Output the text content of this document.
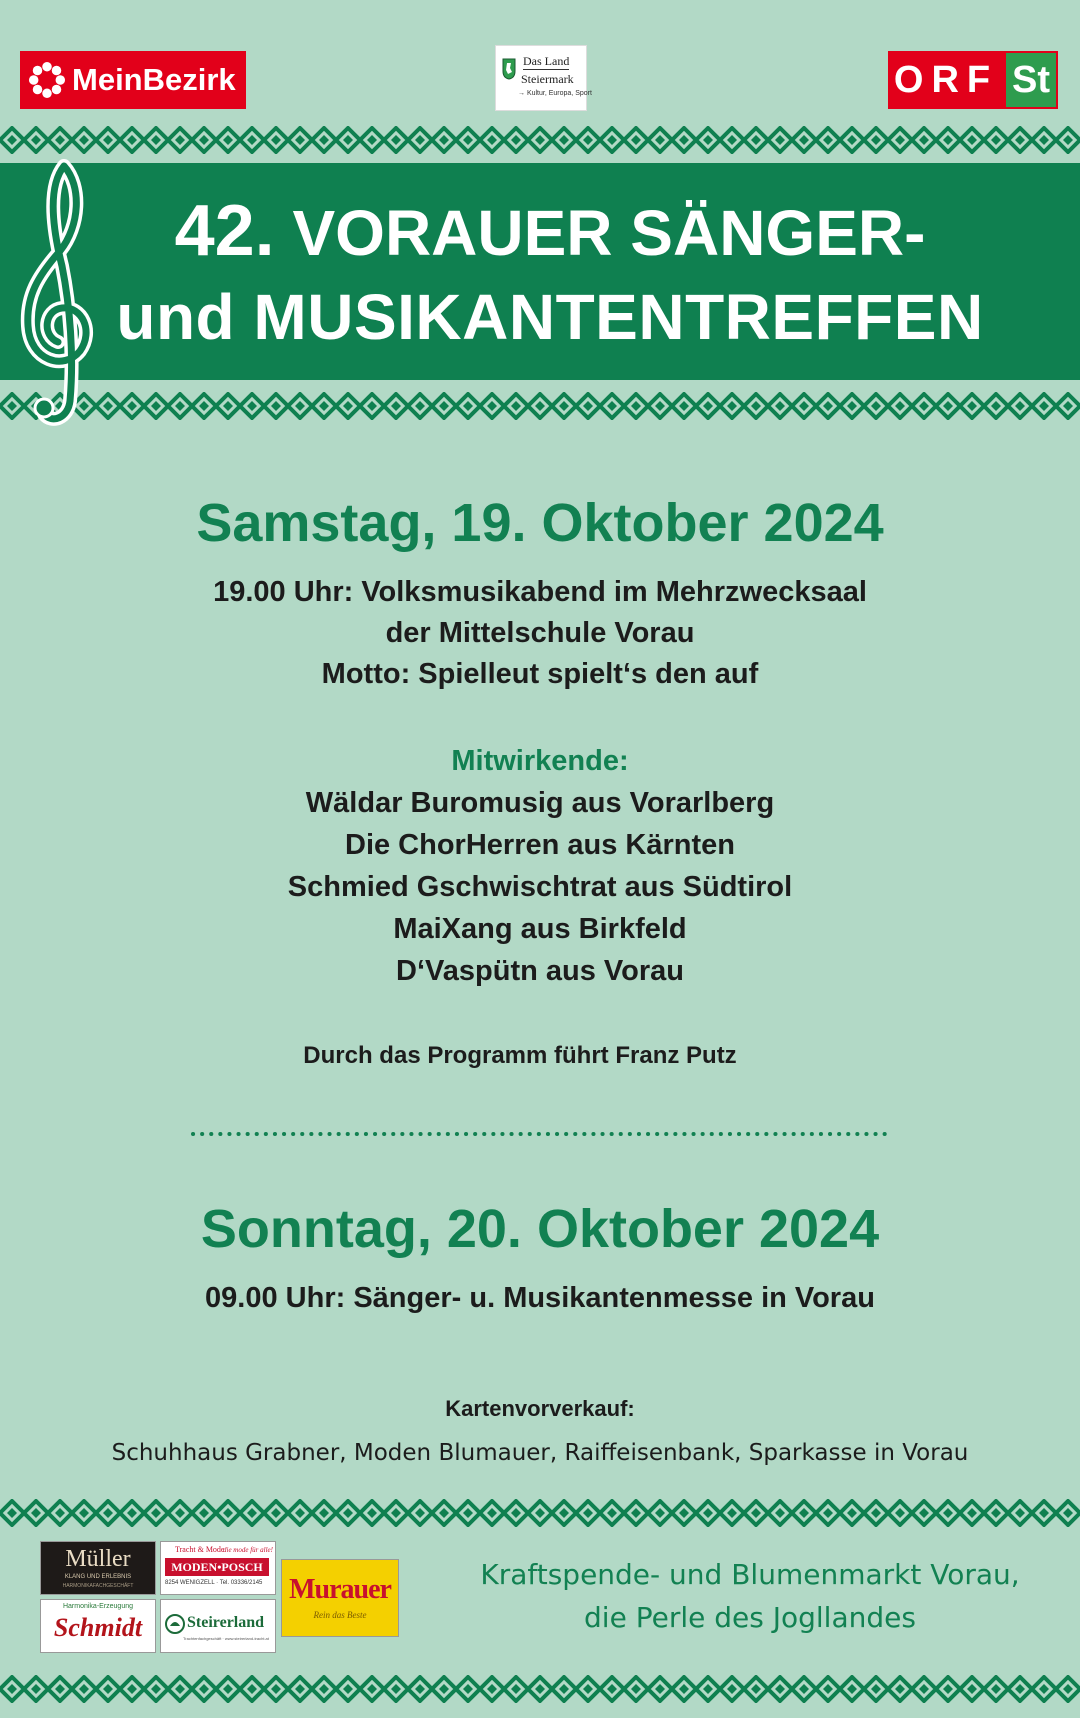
MeinBezirk
Das Land
Steiermark
→ Kultur, Europa, Sport	ORF St
42. VORAUER SÄNGER-
und MUSIKANTENTREFFEN
Samstag, 19. Oktober 2024
19.00 Uhr: Volksmusikabend im Mehrzwecksaal
der Mittelschule Vorau
Motto: Spielleut spielt‘s den auf
Mitwirkende:
Wäldar Buromusig aus Vorarlberg
Die ChorHerren aus Kärnten
Schmied Gschwischtrat aus Südtirol
MaiXang aus Birkfeld
D‘Vaspütn aus Vorau
Durch das Programm führt Franz Putz
Sonntag, 20. Oktober 2024
09.00 Uhr: Sänger- u. Musikantenmesse in Vorau
Kartenvorverkauf:
Schuhhaus Grabner, Moden Blumauer, Raiffeisenbank, Sparkasse in Vorau
Müller
KLANG UND ERLEBNIS
HARMONIKAFACHGESCHÄFT
Tracht & Mode
die mode für alle!
MODEN•POSCH
8254 WENIGZELL · Tel. 03336/2145
Harmonika-Erzeugung
Schmidt	Steirerland
Trachtenfachgeschäft · www.steirerland-tracht.at
Murauer
Rein das Beste
Kraftspende- und Blumenmarkt Vorau,
die Perle des Jogllandes
